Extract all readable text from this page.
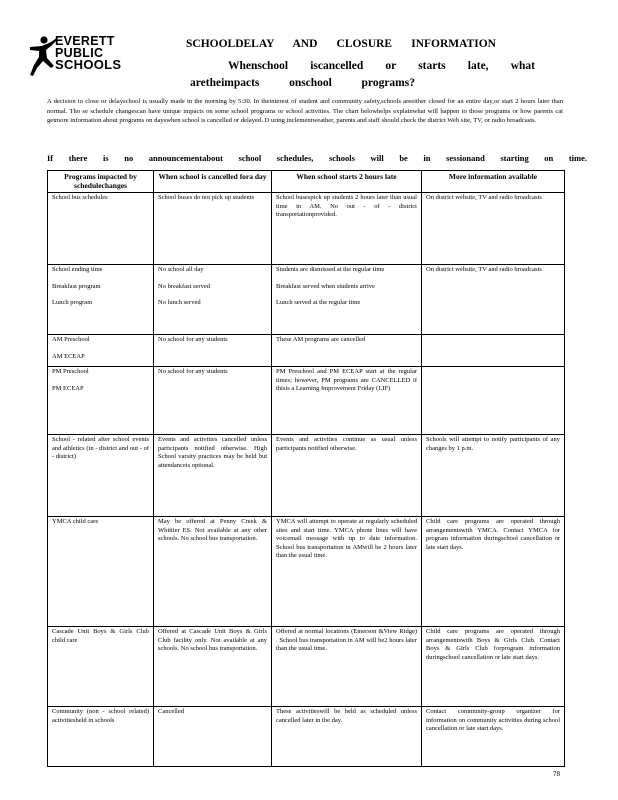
EVERETT
PUBLIC
SCHOOLS
SCHOOLDELAY AND CLOSURE INFORMATION
Whenschool iscancelled or starts late, what
aretheimpacts onschool programs?
A decision to close or delayschool is usually made in the morning by 5:30. In theinterest of student and community safety,schools areeither closed for an entire day,or start 2 hours later than normal. Tho se schedule changescan have unique impacts on some school programs or school activities. The chart belowhelps explainwhat will happen to those programs or how parents cat getmore information about programs on dayswhen school is cancelled or delayed. D uring inclementweather, parents and staff should check the district Web site, TV, or radio broadcasts.
If there is no announcementabout school schedules, schools will be in sessionand starting on time.
Programs impacted by schedulechanges	When school is cancelled fora day	When school starts 2 hours late	More information available

School bus schedules	School buses do not pick up students	School busespick up students 2 hours later than usual time in AM. No out - of - district transportationprovided.	On district website, TV and radio broadcasts

School ending time
Breakfast program
Lunch program	No school all day
No breakfast served
No lunch served	Students are dismissed at the regular time
Breakfast served when students arrive
Lunch served at the regular time	On district website, TV and radio broadcasts

AM Preschool
AM ECEAP	No school for any students	These AM programs are cancelled	

PM Preschool
PM ECEAP	No school for any students	PM Preschool and PM ECEAP start at the regular times; however, PM programs are CANCELLED if thisis a Learning Improvement Friday (LIF)	

School - related after school events and athletics (in - district and out - of - district)	Events and activities cancelled unless participants notified otherwise. High School varsity practices may be held but attendanceis optional.	Events and activities continue as usual unless participants notified otherwise.	Schools will attempt to notify participants of any changes by 1 p.m.

YMCA child care	May be offered at Penny Creek & Whittier ES. Not available at any other schools. No school bus transportation.	YMCA will attempt to operate at regularly scheduled sites and start time. YMCA phone lines will have voicemail message with up to date information. School bus transportation in AMwill be 2 hours later than the usual time.	Child care programs are operated through arrangementswith YMCA. Contact YMCA for program information duringschool cancellation or late start days.

Cascade Unit Boys & Girls Club child care	Offered at Cascade Unit Boys & Girls Club facility only. Not available at any schools. No school bus transportation.	Offered at normal locations (Emerson &View Ridge) . School bus transportation in AM will be2 hours later than the usual time.	Child care programs are operated through arrangementswith Boys & Girls Club. Contact Boys & Girls Club forprogram information duringschool cancellation or late start days.

Community (non - school related) activitiesheld in schools	Cancelled	These activitieswill be held as scheduled unless cancelled later in the day.	Contact community-group organizer for information on community activities during school cancellation or late start days.
78
